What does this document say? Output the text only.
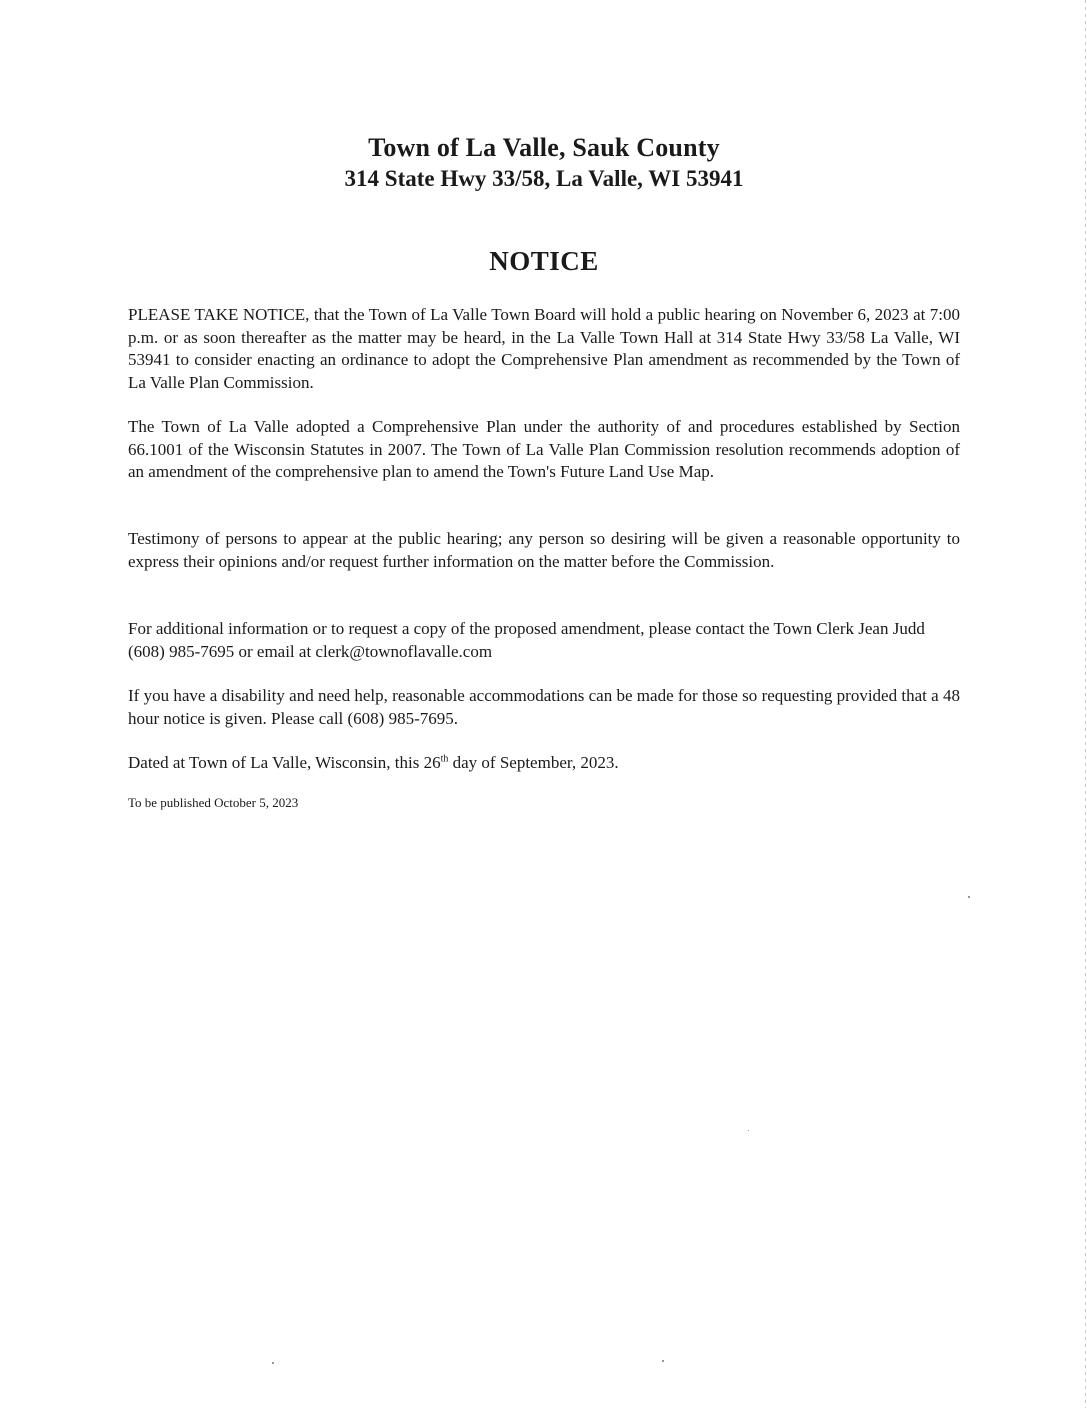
Town of La Valle, Sauk County
314 State Hwy 33/58, La Valle, WI 53941
NOTICE

PLEASE TAKE NOTICE, that the Town of La Valle Town Board will hold a public hearing on November 6, 2023 at 7:00 p.m. or as soon thereafter as the matter may be heard, in the La Valle Town Hall at 314 State Hwy 33/58 La Valle, WI 53941 to consider enacting an ordinance to adopt the Comprehensive Plan amendment as recommended by the Town of La Valle Plan Commission.

The Town of La Valle adopted a Comprehensive Plan under the authority of and procedures established by Section 66.1001 of the Wisconsin Statutes in 2007. The Town of La Valle Plan Commission resolution recommends adoption of an amendment of the comprehensive plan to amend the Town's Future Land Use Map.

Testimony of persons to appear at the public hearing; any person so desiring will be given a reasonable opportunity to express their opinions and/or request further information on the matter before the Commission.

For additional information or to request a copy of the proposed amendment, please contact the Town Clerk Jean Judd (608) 985-7695 or email at clerk@townoflavalle.com

If you have a disability and need help, reasonable accommodations can be made for those so requesting provided that a 48 hour notice is given. Please call (608) 985-7695.

Dated at Town of La Valle, Wisconsin, this 26th day of September, 2023.

To be published October 5, 2023
